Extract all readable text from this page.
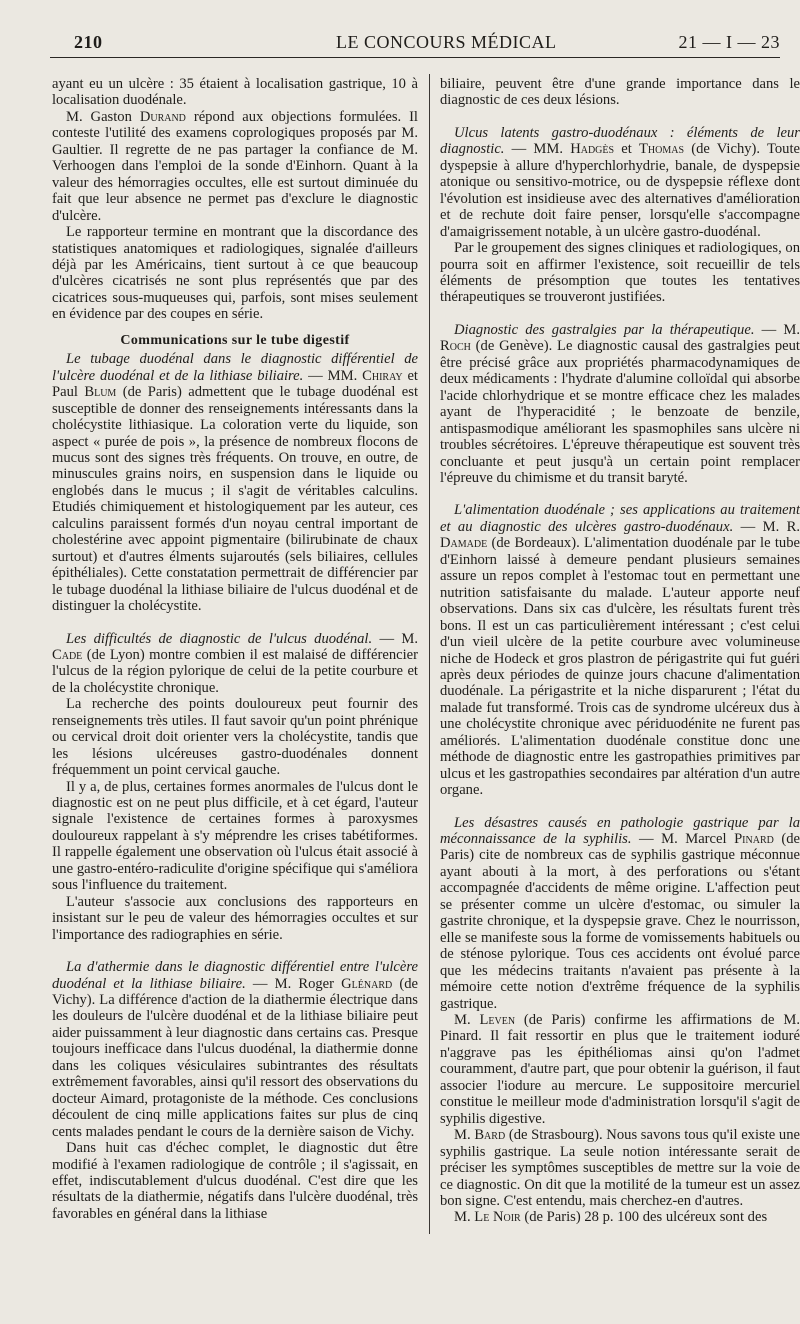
210	LE CONCOURS MÉDICAL	21 — I — 23

ayant eu un ulcère : 35 étaient à localisation gastrique, 10 à localisation duodénale.

M. Gaston Durand répond aux objections formulées. Il conteste l'utilité des examens coprologiques proposés par M. Gaultier. Il regrette de ne pas partager la confiance de M. Verhoogen dans l'emploi de la sonde d'Einhorn. Quant à la valeur des hémorragies occultes, elle est surtout diminuée du fait que leur absence ne permet pas d'exclure le diagnostic d'ulcère.

Le rapporteur termine en montrant que la discordance des statistiques anatomiques et radiologiques, signalée d'ailleurs déjà par les Américains, tient surtout à ce que beaucoup d'ulcères cicatrisés ne sont plus représentés que par des cicatrices sous-muqueuses qui, parfois, sont mises seulement en évidence par des coupes en série.

Communications sur le tube digestif

Le tubage duodénal dans le diagnostic différentiel de l'ulcère duodénal et de la lithiase biliaire. — MM. Chiray et Paul Blum (de Paris) admettent que le tubage duodénal est susceptible de donner des renseignements intéressants dans la cholécystite lithiasique. La coloration verte du liquide, son aspect « purée de pois », la présence de nombreux flocons de mucus sont des signes très fréquents. On trouve, en outre, de minuscules grains noirs, en suspension dans le liquide ou englobés dans le mucus ; il s'agit de véritables calculins. Etudiés chimiquement et histologiquement par les auteur, ces calculins paraissent formés d'un noyau central important de cholestérine avec appoint pigmentaire (bilirubinate de chaux surtout) et d'autres élments sujaroutés (sels biliaires, cellules épithéliales). Cette constatation permettrait de différencier par le tubage duodénal la lithiase biliaire de l'ulcus duodénal et de distinguer la cholécystite.

Les difficultés de diagnostic de l'ulcus duodénal. — M. Cade (de Lyon) montre combien il est malaisé de différencier l'ulcus de la région pylorique de celui de la petite courbure et de la cholécystite chronique.

La recherche des points douloureux peut fournir des renseignements très utiles. Il faut savoir qu'un point phrénique ou cervical droit doit orienter vers la cholécystite, tandis que les lésions ulcéreuses gastro-duodénales donnent fréquemment un point cervical gauche.

Il y a, de plus, certaines formes anormales de l'ulcus dont le diagnostic est on ne peut plus difficile, et à cet égard, l'auteur signale l'existence de certaines formes à paroxysmes douloureux rappelant à s'y méprendre les crises tabétiformes. Il rappelle également une observation où l'ulcus était associé à une gastro-entéro-radiculite d'origine spécifique qui s'améliora sous l'influence du traitement.

L'auteur s'associe aux conclusions des rapporteurs en insistant sur le peu de valeur des hémorragies occultes et sur l'importance des radiographies en série.

La d'athermie dans le diagnostic différentiel entre l'ulcère duodénal et la lithiase biliaire. — M. Roger Glénard (de Vichy). La différence d'action de la diathermie électrique dans les douleurs de l'ulcère duodénal et de la lithiase biliaire peut aider puissamment à leur diagnostic dans certains cas. Presque toujours inefficace dans l'ulcus duodénal, la diathermie donne dans les coliques vésiculaires subintrantes des résultats extrêmement favorables, ainsi qu'il ressort des observations du docteur Aimard, protagoniste de la méthode. Ces conclusions découlent de cinq mille applications faites sur plus de cinq cents malades pendant le cours de la dernière saison de Vichy.

Dans huit cas d'échec complet, le diagnostic dut être modifié à l'examen radiologique de contrôle ; il s'agissait, en effet, indiscutablement d'ulcus duodénal. C'est dire que les résultats de la diathermie, négatifs dans l'ulcère duodénal, très favorables en général dans la lithiase

biliaire, peuvent être d'une grande importance dans le diagnostic de ces deux lésions.

Ulcus latents gastro-duodénaux : éléments de leur diagnostic. — MM. Hadgès et Thomas (de Vichy). Toute dyspepsie à allure d'hyperchlorhydrie, banale, de dyspepsie atonique ou sensitivo-motrice, ou de dyspepsie réflexe dont l'évolution est insidieuse avec des alternatives d'amélioration et de rechute doit faire penser, lorsqu'elle s'accompagne d'amaigrissement notable, à un ulcère gastro-duodénal.

Par le groupement des signes cliniques et radiologiques, on pourra soit en affirmer l'existence, soit recueillir de tels éléments de présomption que toutes les tentatives thérapeutiques se trouveront justifiées.

Diagnostic des gastralgies par la thérapeutique. — M. Roch (de Genève). Le diagnostic causal des gastralgies peut être précisé grâce aux propriétés pharmacodynamiques de deux médicaments : l'hydrate d'alumine colloïdal qui absorbe l'acide chlorhydrique et se montre efficace chez les malades ayant de l'hyperacidité ; le benzoate de benzile, antispasmodique améliorant les spasmophiles sans ulcère ni troubles sécrétoires. L'épreuve thérapeutique est souvent très concluante et peut jusqu'à un certain point remplacer l'épreuve du chimisme et du transit baryté.

L'alimentation duodénale ; ses applications au traitement et au diagnostic des ulcères gastro-duodénaux. — M. R. Damade (de Bordeaux). L'alimentation duodénale par le tube d'Einhorn laissé à demeure pendant plusieurs semaines assure un repos complet à l'estomac tout en permettant une nutrition satisfaisante du malade. L'auteur apporte neuf observations. Dans six cas d'ulcère, les résultats furent très bons. Il est un cas particulièrement intéressant ; c'est celui d'un vieil ulcère de la petite courbure avec volumineuse niche de Hodeck et gros plastron de périgastrite qui fut guéri après deux périodes de quinze jours chacune d'alimentation duodénale. La périgastrite et la niche disparurent ; l'état du malade fut transformé. Trois cas de syndrome ulcéreux dus à une cholécystite chronique avec périduodénite ne furent pas améliorés. L'alimentation duodénale constitue donc une méthode de diagnostic entre les gastropathies primitives par ulcus et les gastropathies secondaires par altération d'un autre organe.

Les désastres causés en pathologie gastrique par la méconnaissance de la syphilis. — M. Marcel Pinard (de Paris) cite de nombreux cas de syphilis gastrique méconnue ayant abouti à la mort, à des perforations ou s'étant accompagnée d'accidents de même origine. L'affection peut se présenter comme un ulcère d'estomac, ou simuler la gastrite chronique, et la dyspepsie grave. Chez le nourrisson, elle se manifeste sous la forme de vomissements habituels ou de sténose pylorique. Tous ces accidents ont évolué parce que les médecins traitants n'avaient pas présente à la mémoire cette notion d'extrême fréquence de la syphilis gastrique.

M. Leven (de Paris) confirme les affirmations de M. Pinard. Il fait ressortir en plus que le traitement ioduré n'aggrave pas les épithéliomas ainsi qu'on l'admet couramment, d'autre part, que pour obtenir la guérison, il faut associer l'iodure au mercure. Le suppositoire mercuriel constitue le meilleur mode d'administration lorsqu'il s'agit de syphilis digestive.

M. Bard (de Strasbourg). Nous savons tous qu'il existe une syphilis gastrique. La seule notion intéressante serait de préciser les symptômes susceptibles de mettre sur la voie de ce diagnostic. On dit que la motilité de la tumeur est un assez bon signe. C'est entendu, mais cherchez-en d'autres.

M. Le Noir (de Paris) 28 p. 100 des ulcéreux sont des
